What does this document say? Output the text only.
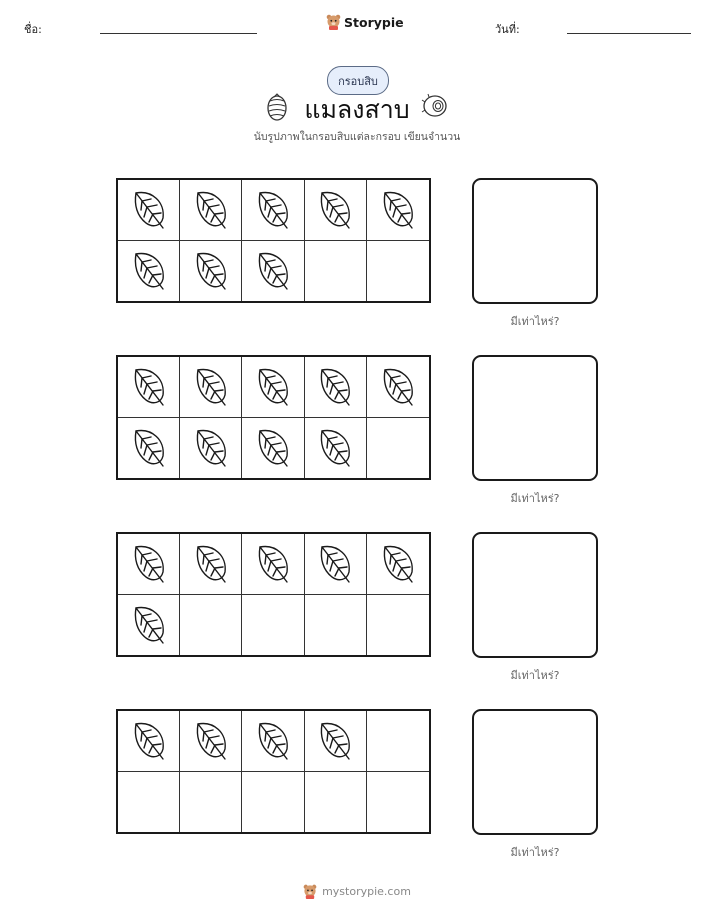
ชื่อ:	Storypie	วันที่:
กรอบสิบ
แมลงสาบ
นับรูปภาพในกรอบสิบแต่ละกรอบ เขียนจำนวน
มีเท่าไหร่?
มีเท่าไหร่?
มีเท่าไหร่?
มีเท่าไหร่?
mystorypie.com
